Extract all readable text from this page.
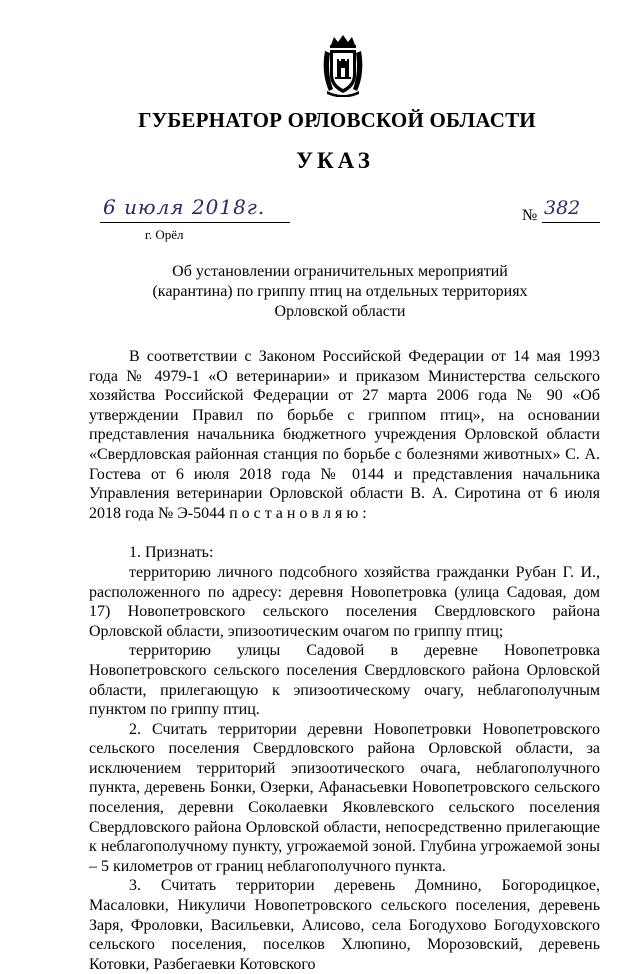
ГУБЕРНАТОР ОРЛОВСКОЙ ОБЛАСТИ
УКАЗ
6 июля 2018г.	№ 382
г. Орёл
Об установлении ограничительных мероприятий (карантина) по гриппу птиц на отдельных территориях Орловской области

В соответствии с Законом Российской Федерации от 14 мая 1993 года № 4979-1 «О ветеринарии» и приказом Министерства сельского хозяйства Российской Федерации от 27 марта 2006 года № 90 «Об утверждении Правил по борьбе с гриппом птиц», на основании представления начальника бюджетного учреждения Орловской области «Свердловская районная станция по борьбе с болезнями животных» С. А. Гостева от 6 июля 2018 года № 0144 и представления начальника Управления ветеринарии Орловской области В. А. Сиротина от 6 июля 2018 года № Э-5044 п о с т а н о в л я ю :

1. Признать:

территорию личного подсобного хозяйства гражданки Рубан Г. И., расположенного по адресу: деревня Новопетровка (улица Садовая, дом 17) Новопетровского сельского поселения Свердловского района Орловской области, эпизоотическим очагом по гриппу птиц;

территорию улицы Садовой в деревне Новопетровка Новопетровского сельского поселения Свердловского района Орловской области, прилегающую к эпизоотическому очагу, неблагополучным пунктом по гриппу птиц.

2. Считать территории деревни Новопетровки Новопетровского сельского поселения Свердловского района Орловской области, за исключением территорий эпизоотического очага, неблагополучного пункта, деревень Бонки, Озерки, Афанасьевки Новопетровского сельского поселения, деревни Соколаевки Яковлевского сельского поселения Свердловского района Орловской области, непосредственно прилегающие к неблагополучному пункту, угрожаемой зоной. Глубина угрожаемой зоны – 5 километров от границ неблагополучного пункта.

3. Считать территории деревень Домнино, Богородицкое, Масаловки, Никуличи Новопетровского сельского поселения, деревень Заря, Фроловки, Васильевки, Алисово, села Богодухово Богодуховского сельского поселения, поселков Хлюпино, Морозовский, деревень Котовки, Разбегаевки Котовского
